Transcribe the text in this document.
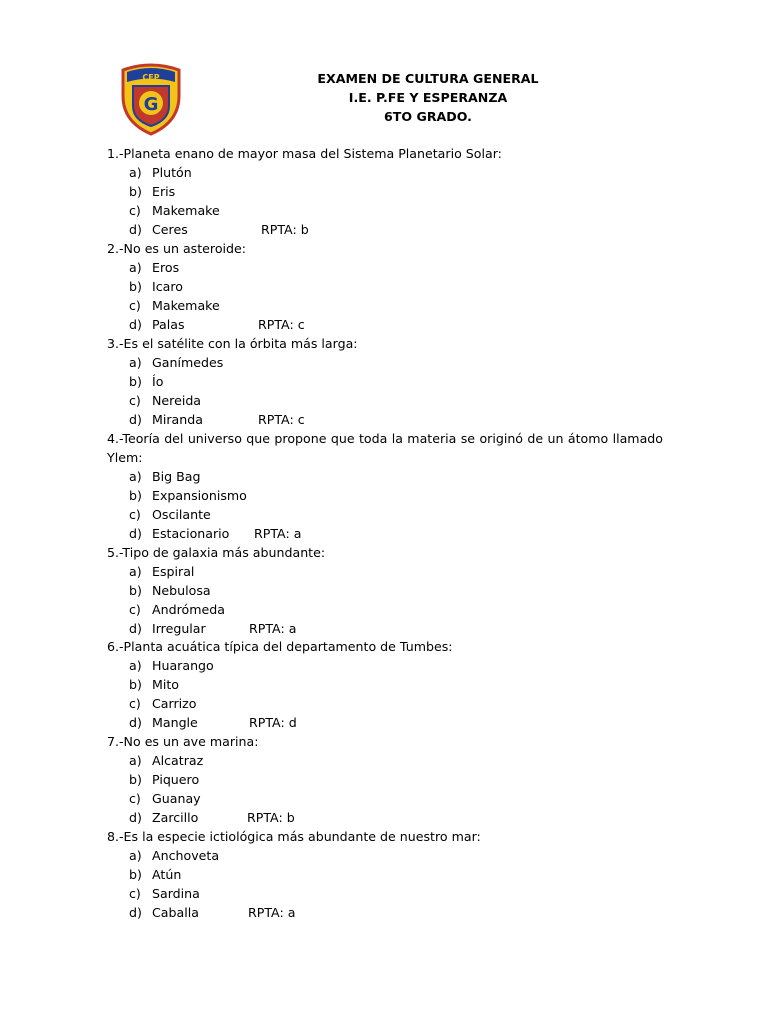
CEP
G
EXAMEN DE CULTURA GENERAL
I.E. P.FE Y ESPERANZA
6TO GRADO.
1.-Planeta enano de mayor masa del Sistema Planetario Solar:
a) Plutón
b) Eris
c) Makemake
d) Ceres	RPTA: b
2.-No es un asteroide:
a) Eros
b) Icaro
c) Makemake
d) Palas	RPTA: c
3.-Es el satélite con la órbita más larga:
a) Ganímedes
b) Ío
c) Nereida
d) Miranda	RPTA: c
4.-Teoría del universo que propone que toda la materia se originó de un átomo llamado
Ylem:
a) Big Bag
b) Expansionismo
c) Oscilante
d) Estacionario RPTA: a
5.-Tipo de galaxia más abundante:
a) Espiral
b) Nebulosa
c) Andrómeda
d) Irregular	RPTA: a
6.-Planta acuática típica del departamento de Tumbes:
a) Huarango
b) Mito
c) Carrizo
d) Mangle	RPTA: d
7.-No es un ave marina:
a) Alcatraz
b) Piquero
c) Guanay
d) Zarcillo	RPTA: b
8.-Es la especie ictiológica más abundante de nuestro mar:
a) Anchoveta
b) Atún
c) Sardina
d) Caballa	RPTA: a
